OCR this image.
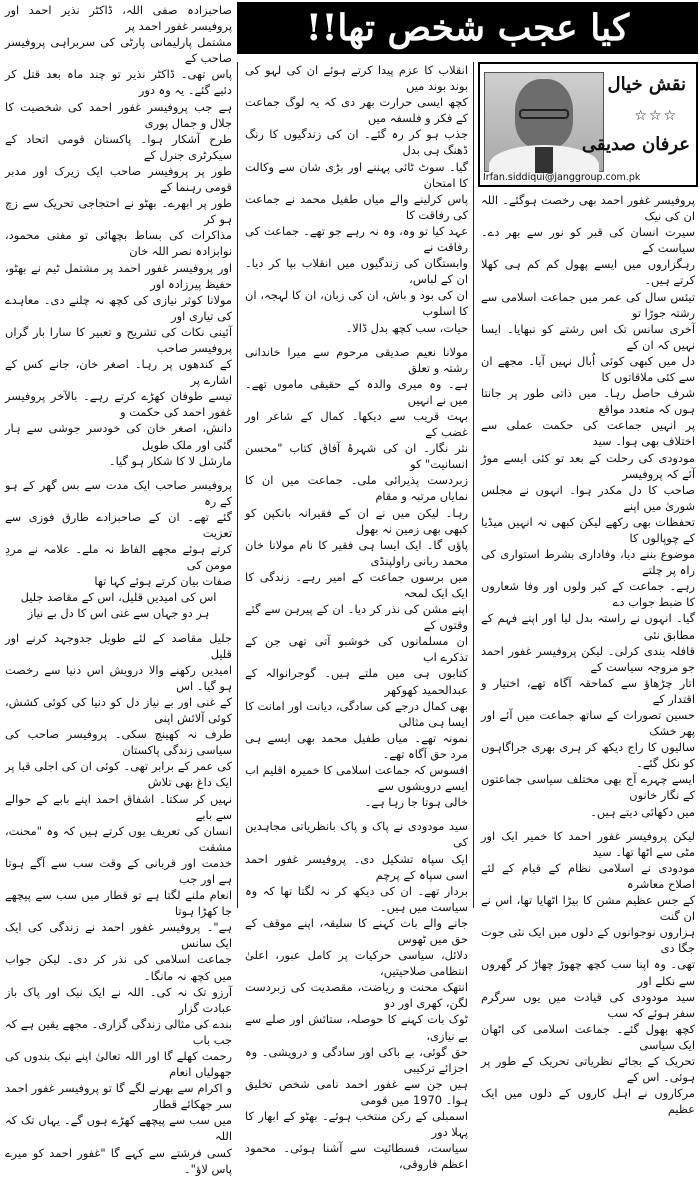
کیا عجب شخص تھا!!
نقش خیال
☆☆☆
عرفان صدیقی
Irfan.siddiqui@janggroup.com.pk

پروفیسر غفور احمد بھی رخصت ہوگئے۔ اللہ ان کی نیک

سیرت انسان کی قبر کو نور سے بھر دے۔ سیاست کے

رہگزاروں میں ایسے پھول کم کم ہی کھلا کرتے ہیں۔

تیئس سال کی عمر میں جماعت اسلامی سے رشتہ جوڑا تو

آخری سانس تک اس رشتے کو نبھایا۔ ایسا نہیں کہ ان کے

دل میں کبھی کوئی اُبال نہیں آیا۔ مجھے ان سے کئی ملاقاتوں کا

شرف حاصل رہا۔ میں ذاتی طور پر جانتا ہوں کہ متعدد مواقع

پر انہیں جماعت کی حکمت عملی سے اختلاف بھی ہوا۔ سید

مودودی کی رحلت کے بعد تو کئی ایسے موڑ آئے کہ پروفیسر

صاحب کا دل مکدر ہوا۔ انہوں نے مجلس شوریٰ میں اپنے

تحفظات بھی رکھے لیکن کبھی نہ انہیں میڈیا کے چوپالوں کا

موضوع بننے دیا، وفاداری بشرط استواری کی راہ پر چلتے

رہے۔ جماعت کے کبر ولوں اور وفا شعاروں کا ضبط جواب دے

گیا۔ انہوں نے راستہ بدل لیا اور اپنے فہم کے مطابق نئی

قافلہ بندی کرلی۔ لیکن پروفیسر غفور احمد جو مروجہ سیاست کے

اتار چڑھاؤ سے کماحقہ آگاہ تھے، اختیار و اقتدار کے

حسین تصورات کے ساتھ جماعت میں آئے اور پھر خشک

سالیوں کا راج دیکھ کر ہری بھری جراگاہوں کو نکل گئے۔

ایسے چہرے آج بھی مختلف سیاسی جماعتوں کے نگار خانوں

میں دکھائی دیتے ہیں۔

لیکن پروفیسر غفور احمد کا خمیر ایک اور مٹی سے اٹھا تھا۔ سید

مودودی نے اسلامی نظام کے قیام کے لئے اصلاح معاشرہ

کے جس عظیم مشن کا بیڑا اٹھایا تھا، اس نے ان گنت

ہزاروں نوجوانوں کے دلوں میں ایک نئی جوت جگا دی

تھی۔ وہ اپنا سب کچھ چھوڑ چھاڑ کر گھروں سے نکلے اور

سید مودودی کی قیادت میں یوں سرگرم سفر ہوئے کہ سب

کچھ بھول گئے۔ جماعت اسلامی کی اٹھان ایک سیاسی

تحریک کے بجائے نظریاتی تحریک کے طور پر ہوئی۔ اس کے

مرکاروں نے اہل کاروں کے دلوں میں ایک عظیم

انقلاب کا عزم پیدا کرتے ہوئے ان کی لہو کی بوند بوند میں

کچھ ایسی حرارت بھر دی کہ یہ لوگ جماعت کے فکر و فلسفہ میں

جذب ہو کر رہ گئے۔ ان کی زندگیوں کا رنگ ڈھنگ ہی بدل

گیا۔ سوٹ ٹائی پہننے اور بڑی شان سے وکالت کا امتحان

پاس کرلینے والے میاں طفیل محمد نے جماعت کی رفاقت کا

عہد کیا تو وہ، وہ نہ رہے جو تھے۔ جماعت کی رفاقت نے

وابستگان کی زندگیوں میں انقلاب بپا کر دیا۔ ان کے لباس،

ان کی بود و باش، ان کی زبان، ان کا لہجہ، ان کا اسلوب

حیات، سب کچھ بدل ڈالا۔

مولانا نعیم صدیقی مرحوم سے میرا خاندانی رشتہ و تعلق

ہے۔ وہ میری والدہ کے حقیقی ماموں تھے۔ میں نے انہیں

بہت قریب سے دیکھا۔ کمال کے شاعر اور غضب کے

نثر نگار۔ ان کی شہرۂ آفاق کتاب "محسن انسانیت" کو

زبردست پذیرائی ملی۔ جماعت میں ان کا نمایاں مرتبہ و مقام

رہا۔ لیکن میں نے ان کے فقیرانہ بانکپن کو کبھی بھی زمین نہ بھول

پاؤں گا۔ ایک ایسا ہی فقیر کا نام مولانا خان محمد ربانی راولپنڈی

میں برسوں جماعت کے امیر رہے۔ زندگی کا ایک ایک لمحہ

اپنے مشن کی نذر کر دیا۔ ان کے پیرہن سے گئے وقتوں کے

ان مسلمانوں کی خوشبو آتی تھی جن کے تذکرے اب

کتابوں ہی میں ملتے ہیں۔ گوجرانوالہ کے عبدالحمید کھوکھر

بھی کمال درجے کی سادگی، دیانت اور امانت کا ایسا ہی مثالی

نمونہ تھے۔ میاں طفیل محمد بھی ایسے ہی مرد حق آگاہ تھے۔

افسوس کہ جماعت اسلامی کا خمیرہ اقلیم اب ایسے درویشوں سے

خالی ہوتا جا رہا ہے۔

سید مودودی نے پاک و پاک بانظریاتی مجاہدین کی

ایک سپاہ تشکیل دی۔ پروفیسر غفور احمد اسی سپاہ کے پرچم

بردار تھے۔ ان کی دیکھ کر نہ لگتا تھا کہ وہ سیاست میں ہیں۔

جانے والے بات کہنے کا سلیقہ، اپنے موقف کے حق میں ٹھوس

دلائل، سیاسی حرکیات پر کامل عبور، اعلیٰ انتظامی صلاحیتیں،

انتھک محنت و ریاضت، مقصدیت کی زبردست لگن، کھری اور دو

ٹوک بات کہنے کا حوصلہ، ستائش اور صلے سے بے نیازی،

حق گوئی، بے باکی اور سادگی و درویشی۔ وہ اجزائے ترکیبی

ہیں جن سے غفور احمد نامی شخص تخلیق ہوا۔ 1970 میں قومی

اسمبلی کے رکن منتخب ہوئے۔ بھٹو کے ابھار کا پہلا دور

سیاست، فسطائیت سے آشنا ہوئی۔ محمود اعظم فاروقی،

صاحبزادہ صفی اللہ، ڈاکٹر نذیر احمد اور پروفیسر غفور احمد پر

مشتمل پارلیمانی پارٹی کی سربراہی پروفیسر صاحب کے

پاس تھی۔ ڈاکٹر نذیر تو چند ماہ بعد قتل کر دئیے گئے۔ یہ وہ دور

ہے جب پروفیسر غفور احمد کی شخصیت کا جلال و جمال پوری

طرح آشکار ہوا۔ پاکستان قومی اتحاد کے سیکرٹری جنرل کے

طور پر پروفیسر صاحب ایک زیرک اور مدبر قومی رہنما کے

طور پر ابھرے۔ بھٹو نے احتجاجی تحریک سے زچ ہو کر

مذاکرات کی بساط بچھائی تو مفتی محمود، نوابزادہ نصر اللہ خان

اور پروفیسر غفور احمد پر مشتمل ٹیم نے بھٹو، حفیظ پیرزادہ اور

مولانا کوثر نیازی کی کچھ نہ چلنے دی۔ معاہدے کی تیاری اور

آئینی نکات کی تشریح و تعبیر کا سارا بار گراں پروفیسر صاحب

کے کندھوں پر رہا۔ اصغر خان، جانے کس کے اشارے پر

تیسے طوفان کھڑے کرتے رہے۔ بالآخر پروفیسر غفور احمد کی حکمت و

دانش، اصغر خان کی خودسر جوشی سے ہار گئی اور ملک طویل

مارشل لا کا شکار ہو گیا۔

پروفیسر صاحب ایک مدت سے بس گھر کے ہو کے رہ

گئے تھے۔ ان کے صاحبزادے طارق فوزی سے تعزیت

کرتے ہوئے مجھے الفاظ نہ ملے۔ علامہ نے مردِ مومن کی

صفات بیان کرتے ہوئے کہا تھا

اس کی امیدیں قلیل، اس کے مقاصد جلیل

ہر دو جہاں سے غنی اس کا دل بے نیاز

جلیل مقاصد کے لئے طویل جدوجہد کرنے اور قلیل

امیدیں رکھنے والا درویش اس دنیا سے رخصت ہو گیا۔ اس

کے غنی اور بے نیاز دل کو دنیا کی کوئی کشش، کوئی آلائش اپنی

طرف نہ کھینچ سکی۔ پروفیسر صاحب کی سیاسی زندگی پاکستان

کی عمر کے برابر تھی۔ کوئی ان کی اجلی قبا پر ایک داغ بھی تلاش

نہیں کر سکتا۔ اشفاق احمد اپنے بابے کے حوالے سے بابے

انسان کی تعریف یوں کرتے ہیں کہ وہ "محنت، مشقت

خدمت اور قربانی کے وقت سب سے آگے ہوتا ہے اور جب

انعام ملنے لگتا ہے تو قطار میں سب سے پیچھے جا کھڑا ہوتا

ہے"۔ پروفیسر غفور احمد نے زندگی کی ایک ایک سانس

جماعت اسلامی کی نذر کر دی۔ لیکن جواب میں کچھ نہ مانگا۔

آرزو تک نہ کی۔ اللہ نے ایک نیک اور پاک باز عبادت گزار

بندے کی مثالی زندگی گزاری۔ مجھے یقین ہے کہ جب باب

رحمت کھلے گا اور اللہ تعالیٰ اپنے نیک بندوں کی جھولیاں انعام

و اکرام سے بھرنے لگے گا تو پروفیسر غفور احمد سر جھکائے قطار

میں سب سے پیچھے کھڑے ہوں گے۔ یہاں تک کہ اللہ

کسی فرشتے سے کہے گا "غفور احمد کو میرے پاس لاؤ"۔
